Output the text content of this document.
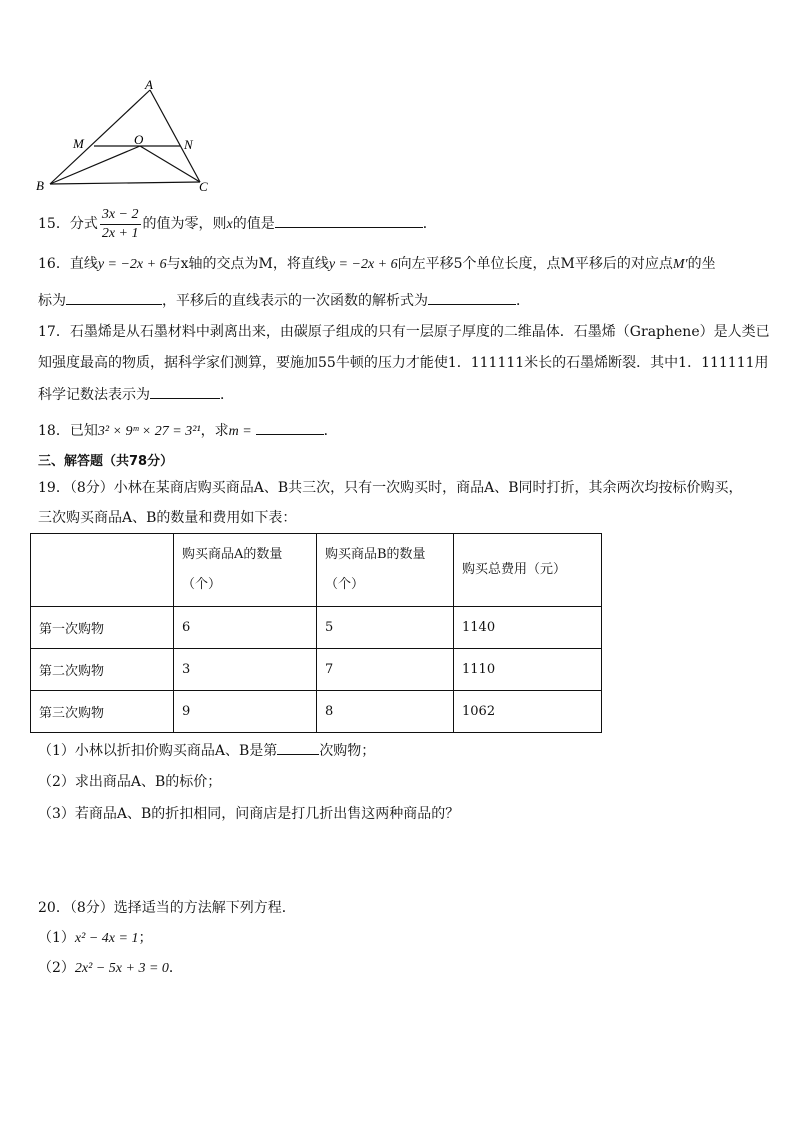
A
M	O	N
B	C
15．分式 $\frac{3x - 2}{2x + 1}$ 的值为零，则x的值是	．
16．直线y = −2x + 6与x轴的交点为M，将直线y = −2x + 6向左平移5个单位长度，点M平移后的对应点M′的坐
标为	，平移后的直线表示的一次函数的解析式为	．
17．石墨烯是从石墨材料中剥离出来，由碳原子组成的只有一层原子厚度的二维晶体．石墨烯（Graphene）是人类已
知强度最高的物质，据科学家们测算，要施加55牛顿的压力才能使1．111111米长的石墨烯断裂．其中1．111111用
科学记数法表示为	．
18．已知3² × 9ᵐ × 27 = 3²¹，求m =	．
三、解答题（共78分）
19．（8分）小林在某商店购买商品A、B共三次，只有一次购买时，商品A、B同时打折，其余两次均按标价购买，
三次购买商品A、B的数量和费用如下表：
	购买商品A的数量（个）	购买商品B的数量（个）	购买总费用（元）
第一次购物	6	5	1140
第二次购物	3	7	1110
第三次购物	9	8	1062
（1）小林以折扣价购买商品A、B是第	次购物；
（2）求出商品A、B的标价；
（3）若商品A、B的折扣相同，问商店是打几折出售这两种商品的？
20．（8分）选择适当的方法解下列方程．
（1）x² − 4x = 1；
（2）2x² − 5x + 3 = 0．
